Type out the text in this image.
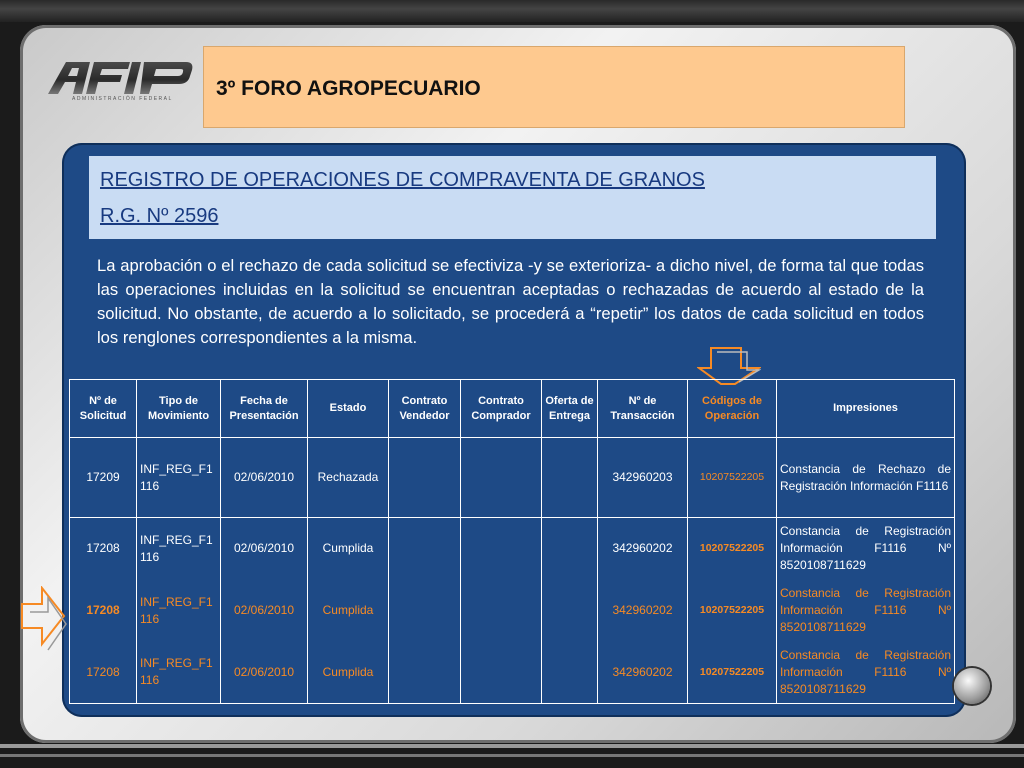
ADMINISTRACIÓN FEDERAL 3º FORO AGROPECUARIO
REGISTRO DE OPERACIONES DE COMPRAVENTA DE GRANOS
R.G. Nº 2596
La aprobación o el rechazo de cada solicitud se efectiviza -y se exterioriza- a dicho nivel, de forma tal que todas las operaciones incluidas en la solicitud se encuentran aceptadas o rechazadas de acuerdo al estado de la solicitud. No obstante, de acuerdo a lo solicitado, se procederá a “repetir” los datos de cada solicitud en todos los renglones correspondientes a la misma.
Nº de Solicitud	Tipo de Movimiento	Fecha de Presentación	Estado	Contrato Vendedor	Contrato Comprador	Oferta de Entrega	Nº de Transacción	Códigos de Operación	Impresiones
17209	INF_REG_F1116	02/06/2010	Rechazada				342960203	10207522205	Constancia de Rechazo de Registración Información F1116
17208	INF_REG_F1116	02/06/2010	Cumplida				342960202	10207522205	Constancia de Registración Información F1116 Nº 8520108711629
17208	INF_REG_F1116	02/06/2010	Cumplida				342960202	10207522205	Constancia de Registración Información F1116 Nº 8520108711629
17208	INF_REG_F1116	02/06/2010	Cumplida				342960202	10207522205	Constancia de Registración Información F1116 Nº 8520108711629
